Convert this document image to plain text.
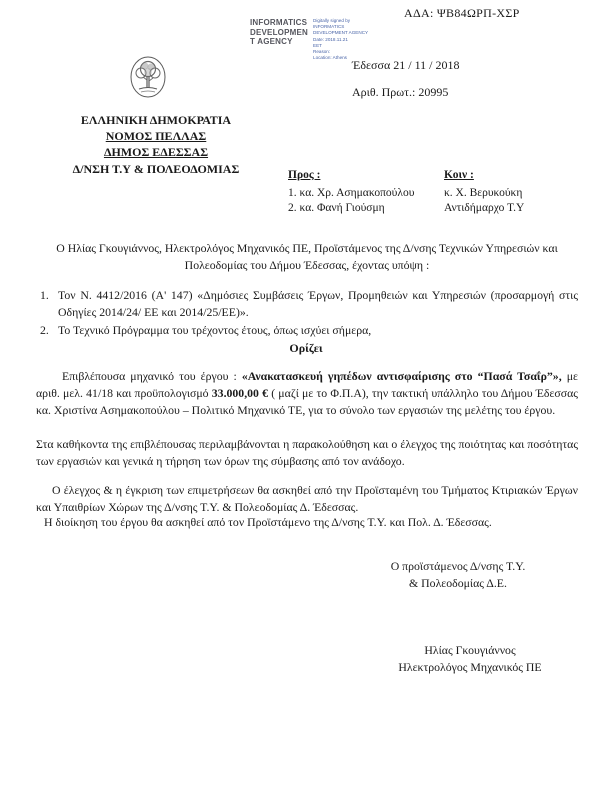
ΑΔΑ: ΨΒ84ΩΡΠ-ΧΣΡ
INFORMATICS
DEVELOPMEN
T AGENCY
Digitally signed by
INFORMATICS
DEVELOPMENT AGENCY
Date: 2018.11.21
EET
Reason:
Location: Athens
Έδεσσα 21 / 11 / 2018
Αριθ. Πρωτ.: 20995
ΕΛΛΗΝΙΚΗ ΔΗΜΟΚΡΑΤΙΑ
ΝΟΜΟΣ ΠΕΛΛΑΣ
ΔΗΜΟΣ ΕΔΕΣΣΑΣ
Δ/ΝΣΗ Τ.Υ & ΠΟΛΕΟΔΟΜΙΑΣ	Προς :
1. κα. Χρ. Ασημακοπούλου
2. κα. Φανή Γιούσμη
Κοιν :
κ. Χ. Βερυκούκη
Αντιδήμαρχο Τ.Υ
Ο Ηλίας Γκουγιάννος, Ηλεκτρολόγος Μηχανικός ΠΕ, Προϊστάμενος της Δ/νσης Τεχνικών Υπηρεσιών και Πολεοδομίας του Δήμου Έδεσσας, έχοντας υπόψη :
1. Τον Ν. 4412/2016 (Α' 147) «Δημόσιες Συμβάσεις Έργων, Προμηθειών και Υπηρεσιών (προσαρμογή στις Οδηγίες 2014/24/ ΕΕ και 2014/25/ΕΕ)».
2. Το Τεχνικό Πρόγραμμα του τρέχοντος έτους, όπως ισχύει σήμερα,
Ορίζει
Επιβλέπουσα μηχανικό του έργου : «Ανακατασκευή γηπέδων αντισφαίρισης στο “Πασά Τσαΐρ”», με αριθ. μελ. 41/18 και προϋπολογισμό 33.000,00 € ( μαζί με το Φ.Π.Α), την τακτική υπάλληλο του Δήμου Έδεσσας κα. Χριστίνα Ασημακοπούλου – Πολιτικό Μηχανικό ΤΕ, για το σύνολο των εργασιών της μελέτης του έργου.
Στα καθήκοντα της επιβλέπουσας περιλαμβάνονται η παρακολούθηση και ο έλεγχος της ποιότητας και ποσότητας των εργασιών και γενικά η τήρηση των όρων της σύμβασης από τον ανάδοχο.
Ο έλεγχος & η έγκριση των επιμετρήσεων θα ασκηθεί από την Προϊσταμένη του Τμήματος Κτιριακών Έργων και Υπαιθρίων Χώρων της Δ/νσης Τ.Υ. & Πολεοδομίας Δ. Έδεσσας.
Η διοίκηση του έργου θα ασκηθεί από τον Προϊστάμενο της Δ/νσης Τ.Υ. και Πολ. Δ. Έδεσσας.
Ο προϊστάμενος Δ/νσης Τ.Υ.
& Πολεοδομίας Δ.Ε.
Ηλίας Γκουγιάννος
Ηλεκτρολόγος Μηχανικός ΠΕ
